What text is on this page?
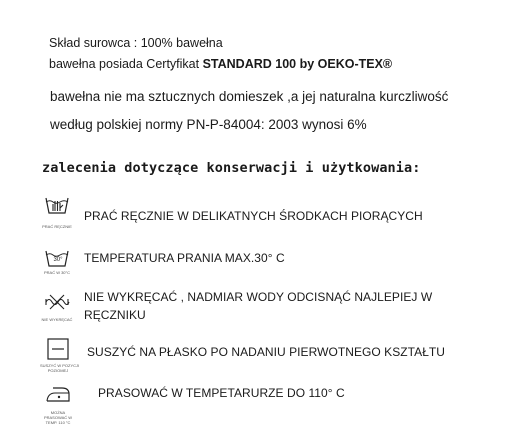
Skład surowca : 100% bawełna
bawełna posiada Certyfikat STANDARD 100 by OEKO-TEX®
bawełna nie ma sztucznych domieszek ,a jej naturalna kurczliwość
według polskiej normy PN-P-84004: 2003 wynosi 6%
zalecenia dotyczące konserwacji i użytkowania:
PRAĆ RĘCZNIE
PRAĆ RĘCZNIE W DELIKATNYCH ŚRODKACH PIORĄCYCH
30°
PRAĆ W 30°C
TEMPERATURA PRANIA MAX.30° C
NIE WYKRĘCAĆ
NIE WYKRĘCAĆ , NADMIAR WODY ODCISNĄĆ NAJLEPIEJ W
RĘCZNIKU
SUSZYĆ W POZYCJI
POZIOMEJ
SUSZYĆ NA PŁASKO PO NADANIU PIERWOTNEGO KSZTAŁTU
MOŻNA
PRASOWAĆ W
TEMP. 110 °C
PRASOWAĆ W TEMPETARURZE DO 110° C
